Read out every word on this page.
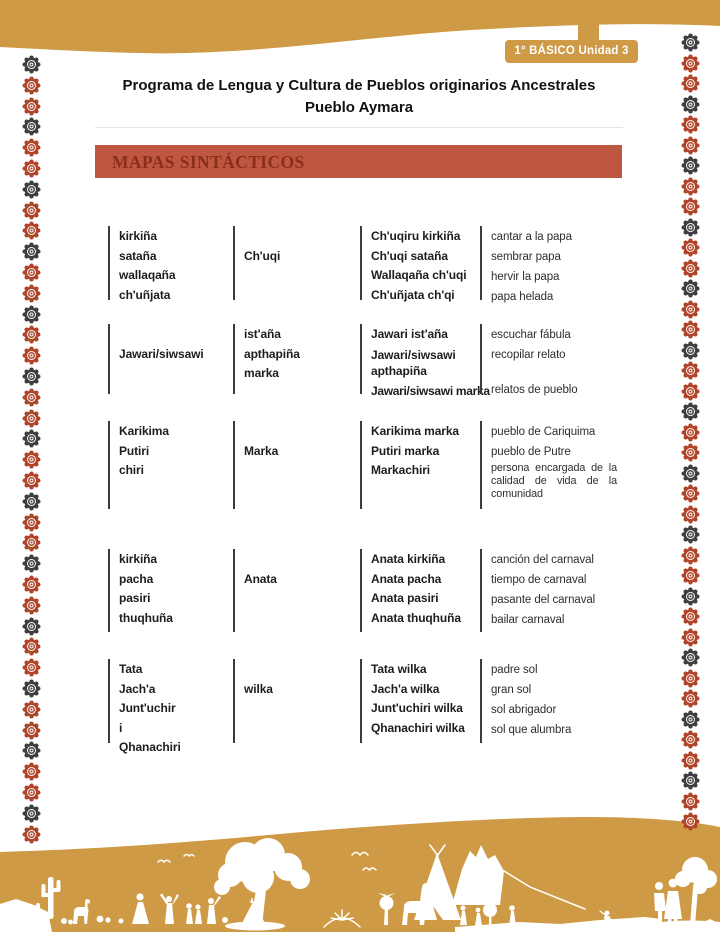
1° BÁSICO Unidad 3
Programa de Lengua y Cultura de Pueblos originarios Ancestrales
Pueblo Aymara
MAPAS SINTÁCTICOS
kirkiña
sataña
wallaqaña
ch'uñjata
Ch'uqi
Ch'uqiru kirkiña
Ch'uqi sataña
Wallaqaña ch'uqi
Ch'uñjata ch'qi
cantar a la papa
sembrar papa
hervir la papa
papa helada
Jawari/siwsawi
ist'aña
apthapiña
marka
Jawari ist'aña
Jawari/siwsawi apthapiña
Jawari/siwsawi marka
escuchar fábula
recopilar relato
relatos de pueblo
Karikima
Putiri
chiri
Marka
Karikima marka
Putiri marka
Markachiri
pueblo de Cariquima
pueblo de Putre
persona encargada de la calidad de vida de la comunidad
kirkiña
pacha
pasiri
thuqhuña
Anata
Anata kirkiña
Anata pacha
Anata pasiri
Anata thuqhuña
canción del carnaval
tiempo de carnaval
pasante del carnaval
bailar carnaval
Tata
Jach'a
Junt'uchir
i
Qhanachiri
wilka
Tata wilka
Jach'a wilka
Junt'uchiri wilka
Qhanachiri wilka
padre sol
gran sol
sol abrigador
sol que alumbra
